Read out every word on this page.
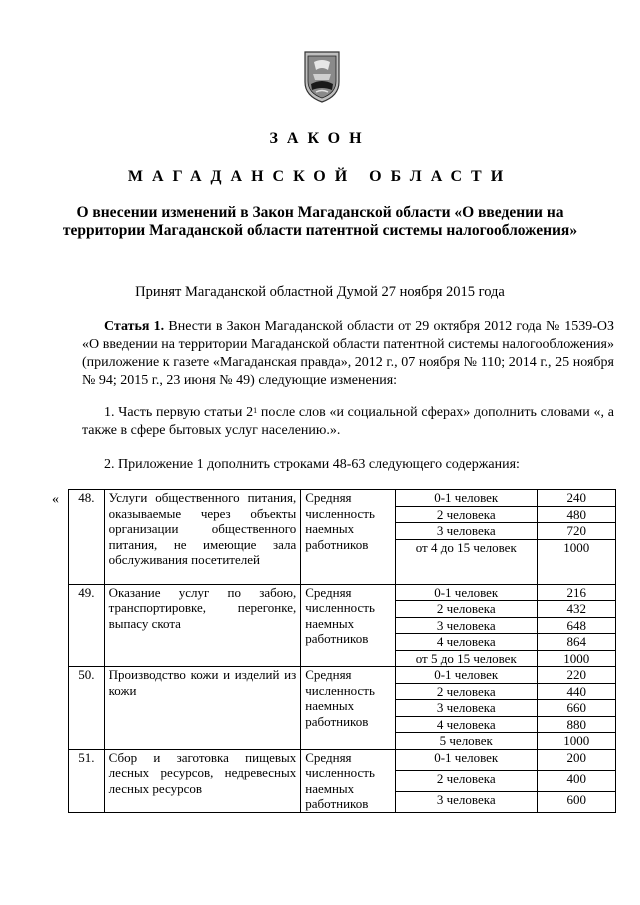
ЗАКОН
МАГАДАНСКОЙ ОБЛАСТИ
О внесении изменений в Закон Магаданской области «О введении на территории Магаданской области патентной системы налогообложения»
Принят Магаданской областной Думой 27 ноября 2015 года
Статья 1. Внести в Закон Магаданской области от 29 октября 2012 года № 1539-ОЗ «О введении на территории Магаданской области патентной системы налогообложения» (приложение к газете «Магаданская правда», 2012 г., 07 ноября № 110; 2014 г., 25 ноября № 94; 2015 г., 23 июня № 49) следующие изменения:
1. Часть первую статьи $2^1$ после слов «и социальной сферах» дополнить словами «, а также в сфере бытовых услуг населению.».
2. Приложение 1 дополнить строками 48-63 следующего содержания:
« 48.	Услуги общественного питания, оказываемые через объекты организации общественного питания, не имеющие зала обслуживания посетителей	Средняя численность наемных работников	0-1 человек	240
			2 человека	480
			3 человека	720
			от 4 до 15 человек	1000
49.	Оказание услуг по забою, транспортировке, перегонке, выпасу скота	Средняя численность наемных работников	0-1 человек	216
			2 человека	432
			3 человека	648
			4 человека	864
			от 5 до 15 человек	1000
50.	Производство кожи и изделий из кожи	Средняя численность наемных работников	0-1 человек	220
			2 человека	440
			3 человека	660
			4 человека	880
			5 человек	1000
51.	Сбор и заготовка пищевых лесных ресурсов, недревесных лесных ресурсов	Средняя численность наемных работников	0-1 человек	200
			2 человека	400
			3 человека	600
